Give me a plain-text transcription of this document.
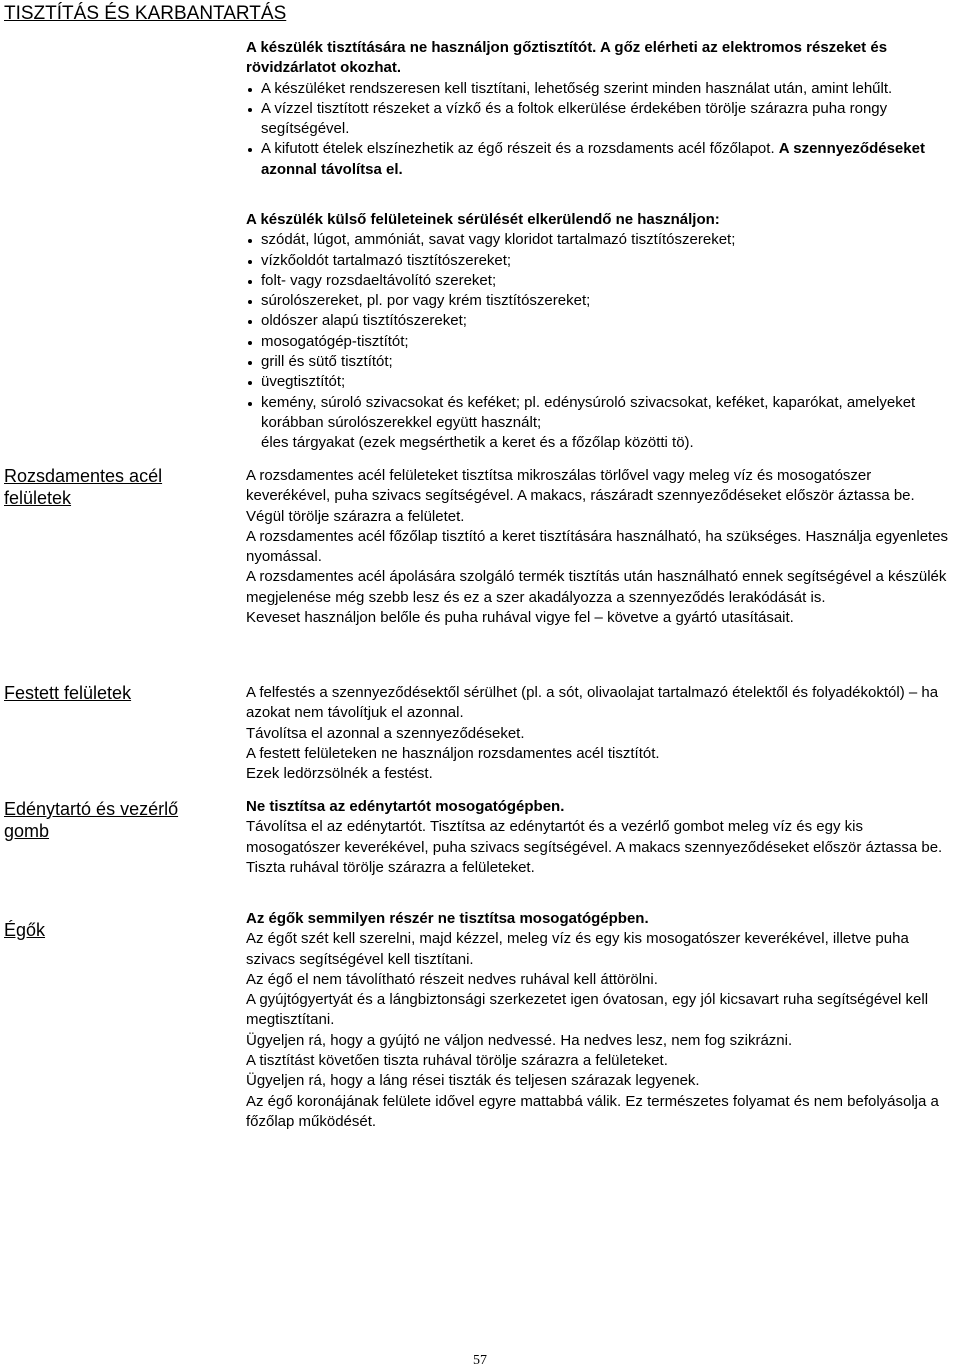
TISZTÍTÁS ÉS KARBANTARTÁS

A készülék tisztítására ne használjon gőztisztítót. A gőz elérheti az elektromos részeket és rövidzárlatot okozhat.

A készüléket rendszeresen kell tisztítani, lehetőség szerint minden használat után, amint lehűlt.
A vízzel tisztított részeket a vízkő és a foltok elkerülése érdekében törölje szárazra puha rongy segítségével.
A kifutott ételek elszínezhetik az égő részeit és a rozsdaments acél főzőlapot. A szennyeződéseket azonnal távolítsa el.

A készülék külső felületeinek sérülését elkerülendő ne használjon:

szódát, lúgot, ammóniát, savat vagy kloridot tartalmazó tisztítószereket;
vízkőoldót tartalmazó tisztítószereket;
folt- vagy rozsdaeltávolító szereket;
súrolószereket, pl. por vagy krém tisztítószereket;
oldószer alapú tisztítószereket;
mosogatógép-tisztítót;
grill és sütő tisztítót;
üvegtisztítót;
kemény, súroló szivacsokat és keféket; pl. edénysúroló szivacsokat, keféket, kaparókat, amelyeket korábban súrolószerekkel együtt használt;

éles tárgyakat (ezek megsérthetik a keret és a főzőlap közötti tö).

Rozsdamentes acél felületek

A rozsdamentes acél felületeket tisztítsa mikroszálas törlővel vagy meleg víz és mosogatószer keverékével, puha szivacs segítségével. A makacs, rászáradt szennyeződéseket először áztassa be.

Végül törölje szárazra a felületet.

A rozsdamentes acél főzőlap tisztító a keret tisztítására használható, ha szükséges. Használja egyenletes nyomással.

A rozsdamentes acél ápolására szolgáló termék tisztítás után használható ennek segítségével a készülék megjelenése még szebb lesz és ez a szer akadályozza a szennyeződés lerakódását is.

Keveset használjon belőle és puha ruhával vigye fel – követve a gyártó utasításait.

Festett felületek	A felfestés a szennyeződésektől sérülhet (pl. a sót, olivaolajat tartalmazó ételektől és folyadékoktól) – ha azokat nem távolítjuk el azonnal.

Távolítsa el azonnal a szennyeződéseket.

A festett felületeken ne használjon rozsdamentes acél tisztítót.

Ezek ledörzsölnék a festést.

Edénytartó és vezérlő gomb

Ne tisztítsa az edénytartót mosogatógépben.

Távolítsa el az edénytartót. Tisztítsa az edénytartót és a vezérlő gombot meleg víz és egy kis mosogatószer keverékével, puha szivacs segítségével. A makacs szennyeződéseket először áztassa be.

Tiszta ruhával törölje szárazra a felületeket.

Égők

Az égők semmilyen részér ne tisztítsa mosogatógépben.

Az égőt szét kell szerelni, majd kézzel, meleg víz és egy kis mosogatószer keverékével, illetve puha szivacs segítségével kell tisztítani.

Az égő el nem távolítható részeit nedves ruhával kell áttörölni.

A gyújtógyertyát és a lángbiztonsági szerkezetet igen óvatosan, egy jól kicsavart ruha segítségével kell megtisztítani.

Ügyeljen rá, hogy a gyújtó ne váljon nedvessé. Ha nedves lesz, nem fog szikrázni.

A tisztítást követően tiszta ruhával törölje szárazra a felületeket.

Ügyeljen rá, hogy a láng rései tiszták és teljesen szárazak legyenek.

Az égő koronájának felülete idővel egyre mattabbá válik. Ez természetes folyamat és nem befolyásolja a főzőlap működését.

57
